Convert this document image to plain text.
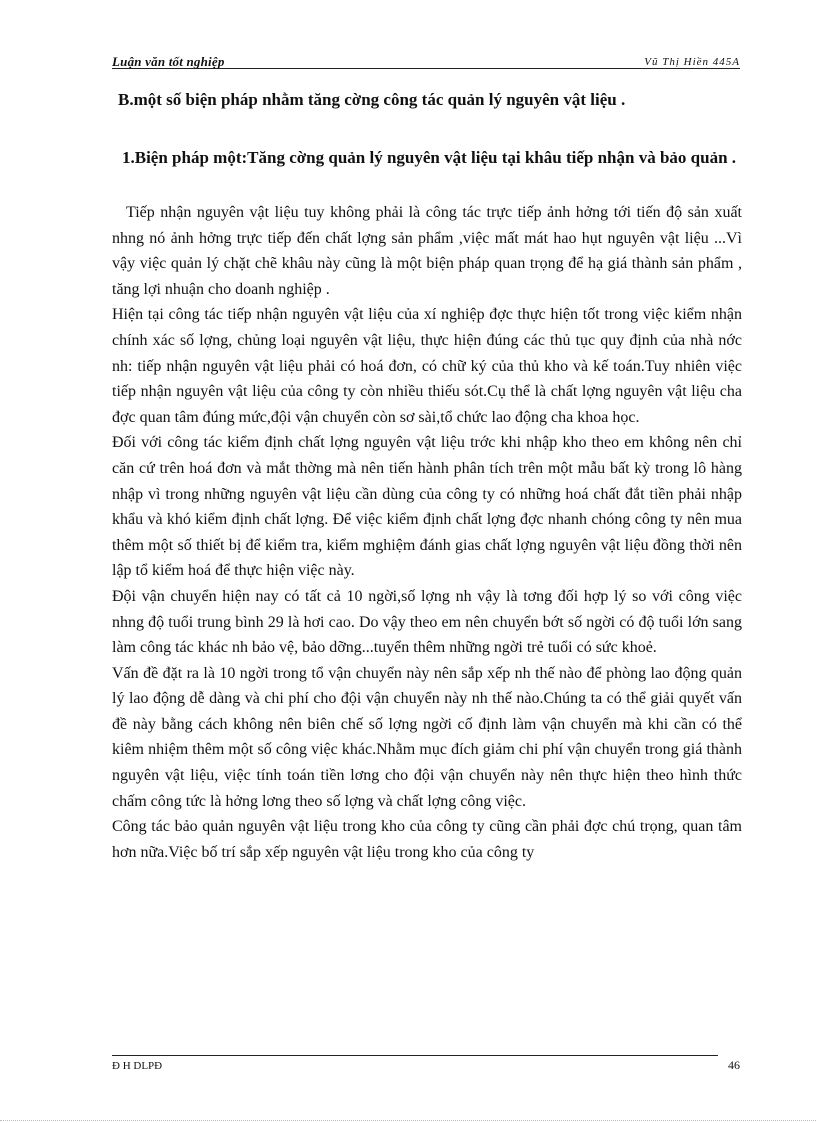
Luận văn tốt nghiệp	Vũ Thị Hiền 445A
B.một số biện pháp nhằm tăng cờng công tác quản lý nguyên vật liệu .
1.Biện pháp một:Tăng cờng quản lý nguyên vật liệu tại khâu tiếp nhận và bảo quản .

Tiếp nhận nguyên vật liệu tuy không phải là công tác trực tiếp ảnh hởng tới tiến độ sản xuất nhng nó ảnh hởng trực tiếp đến chất lợng sản phẩm ,việc mất mát hao hụt nguyên vật liệu ...Vì vậy việc quản lý chặt chẽ khâu này cũng là một biện pháp quan trọng để hạ giá thành sản phẩm , tăng lợi nhuận cho doanh nghiệp .

Hiện tại công tác tiếp nhận nguyên vật liệu của xí nghiệp đợc thực hiện tốt trong việc kiểm nhận chính xác số lợng, chủng loại nguyên vật liệu, thực hiện đúng các thủ tục quy định của nhà nớc nh: tiếp nhận nguyên vật liệu phải có hoá đơn, có chữ ký của thủ kho và kế toán.Tuy nhiên việc tiếp nhận nguyên vật liệu của công ty còn nhiều thiếu sót.Cụ thể là chất lợng nguyên vật liệu cha đợc quan tâm đúng mức,đội vận chuyển còn sơ sài,tổ chức lao động cha khoa học.

Đối với công tác kiểm định chất lợng nguyên vật liệu trớc khi nhập kho theo em không nên chỉ căn cứ trên hoá đơn và mắt thờng mà nên tiến hành phân tích trên một mẫu bất kỳ trong lô hàng nhập vì trong những nguyên vật liệu cần dùng của công ty có những hoá chất đắt tiền phải nhập khẩu và khó kiểm định chất lợng. Để việc kiểm định chất lợng đợc nhanh chóng công ty nên mua thêm một số thiết bị để kiểm tra, kiểm mghiệm đánh gias chất lợng nguyên vật liệu đồng thời nên lập tổ kiểm hoá để thực hiện việc này.

Đội vận chuyển hiện nay có tất cả 10 ngời,số lợng nh vậy là tơng đối hợp lý so với công việc nhng độ tuổi trung bình 29 là hơi cao. Do vậy theo em nên chuyển bớt số ngời có độ tuổi lớn sang làm công tác khác nh bảo vệ, bảo dỡng...tuyển thêm những ngời trẻ tuổi có sức khoẻ.

Vấn đề đặt ra là 10 ngời trong tổ vận chuyển này nên sắp xếp nh thế nào để phòng lao động quản lý lao động dễ dàng và chi phí cho đội vận chuyển này nh thế nào.Chúng ta có thể giải quyết vấn đề này bằng cách không nên biên chế số lợng ngời cố định làm vận chuyển mà khi cần có thể kiêm nhiệm thêm một số công việc khác.Nhằm mục đích giảm chi phí vận chuyển trong giá thành nguyên vật liệu, việc tính toán tiền lơng cho đội vận chuyển này nên thực hiện theo hình thức chấm công tức là hởng lơng theo số lợng và chất lợng công việc.

Công tác bảo quản nguyên vật liệu trong kho của công ty cũng cần phải đợc chú trọng, quan tâm hơn nữa.Việc bố trí sắp xếp nguyên vật liệu trong kho của công ty

Đ H DLPĐ	46
